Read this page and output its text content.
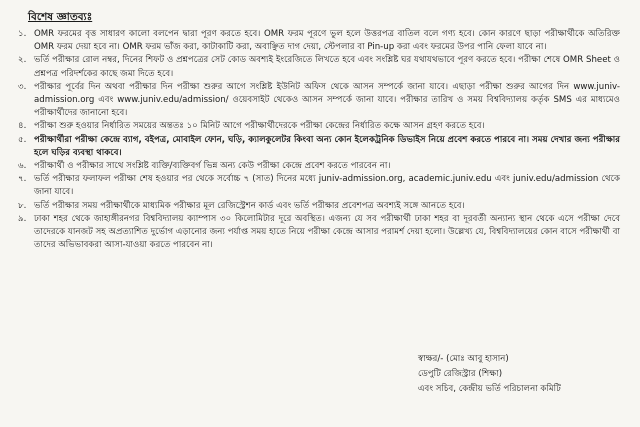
বিশেষ জ্ঞাতব্যঃ
১. OMR ফরমের বৃত্ত সাধারণ কালো বলপেন দ্বারা পূরণ করতে হবে। OMR ফরম পূরণে ভুল হলে উত্তরপত্র বাতিল বলে গণ্য হবে। কোন কারণে ছাড়া পরীক্ষার্থীকে অতিরিক্ত OMR ফরম দেয়া হবে না। OMR ফরম ভাঁজ করা, কাটাকাটি করা, অবাঞ্ছিত দাগ দেয়া, স্টেপলার বা Pin-up করা এবং ফরমের উপর পানি ফেলা যাবে না।
২. ভর্তি পরীক্ষার রোল নম্বর, দিনের শিফট ও প্রশ্নপত্রের সেট কোড অবশ্যই ইংরেজিতে লিখতে হবে এবং সংশ্লিষ্ট ঘর যথাযথভাবে পূরণ করতে হবে। পরীক্ষা শেষে OMR Sheet ও প্রশ্নপত্র পরিদর্শকের কাছে জমা দিতে হবে।
৩. পরীক্ষার পূর্বের দিন অথবা পরীক্ষার দিন পরীক্ষা শুরুর আগে সংশ্লিষ্ট ইউনিট অফিস থেকে আসন সম্পর্কে জানা যাবে। এছাড়া পরীক্ষা শুরুর আগের দিন www.juniv-admission.org এবং www.juniv.edu/admission/ ওয়েবসাইট থেকেও আসন সম্পর্কে জানা যাবে। পরীক্ষার তারিখ ও সময় বিশ্ববিদ্যালয় কর্তৃক SMS এর মাধ্যমেও পরীক্ষার্থীদের জানানো হবে।
৪. পরীক্ষা শুরু হওয়ার নির্ধারিত সময়ের অন্ততঃ ১০ মিনিট আগে পরীক্ষার্থীদেরকে পরীক্ষা কেন্দ্রের নির্ধারিত কক্ষে আসন গ্রহণ করতে হবে।
৫. পরীক্ষার্থীরা পরীক্ষা কেন্দ্রে ব্যাগ, বইপত্র, মোবাইল ফোন, ঘড়ি, ক্যালকুলেটর কিংবা অন্য কোন ইলেকট্রনিক ডিভাইস নিয়ে প্রবেশ করতে পারবে না। সময় দেখার জন্য পরীক্ষার হলে ঘড়ির ব্যবস্থা থাকবে।
৬. পরীক্ষার্থী ও পরীক্ষার সাথে সংশ্লিষ্ট ব্যক্তি/ব্যক্তিবর্গ ভিন্ন অন্য কেউ পরীক্ষা কেন্দ্রে প্রবেশ করতে পারবেন না।
৭. ভর্তি পরীক্ষার ফলাফল পরীক্ষা শেষ হওয়ার পর থেকে সর্বোচ্চ ৭ (সাত) দিনের মধ্যে juniv-admission.org, academic.juniv.edu এবং juniv.edu/admission থেকে জানা যাবে।
৮. ভর্তি পরীক্ষার সময় পরীক্ষার্থীকে মাধ্যমিক পরীক্ষার মূল রেজিস্ট্রেশন কার্ড এবং ভর্তি পরীক্ষার প্রবেশপত্র অবশ্যই সঙ্গে আনতে হবে।
৯. ঢাকা শহর থেকে জাহাঙ্গীরনগর বিশ্ববিদ্যালয় ক্যাম্পাস ৩০ কিলোমিটার দূরে অবস্থিত। এজন্য যে সব পরীক্ষার্থী ঢাকা শহর বা দূরবর্তী অন্যান্য স্থান থেকে এসে পরীক্ষা দেবে তাদেরকে যানজট সহ অপ্রত্যাশিত দুর্ভোগ এড়ানোর জন্য পর্যাপ্ত সময় হাতে নিয়ে পরীক্ষা কেন্দ্রে আসার পরামর্শ দেয়া হলো। উল্লেখ্য যে, বিশ্ববিদ্যালয়ের কোন বাসে পরীক্ষার্থী বা তাদের অভিভাবকরা আসা-যাওয়া করতে পারবেন না।
স্বাক্ষর/- (মোঃ আবু হাসান)
ডেপুটি রেজিস্ট্রার (শিক্ষা)
এবং সচিব, কেন্দ্রীয় ভর্তি পরিচালনা কমিটি
